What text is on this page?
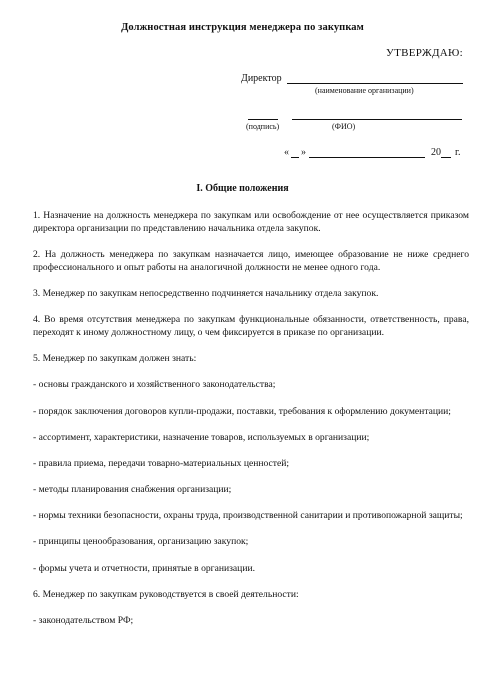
Должностная инструкция менеджера по закупкам
УТВЕРЖДАЮ:
Директор
(наименование организации)
(подпись)	(ФИО)
« »	20 г.
I. Общие положения

1. Назначение на должность менеджера по закупкам или освобождение от нее осуществляется приказом директора организации по представлению начальника отдела закупок.

2. На должность менеджера по закупкам назначается лицо, имеющее образование не ниже среднего профессионального и опыт работы на аналогичной должности не менее одного года.

3. Менеджер по закупкам непосредственно подчиняется начальнику отдела закупок.

4. Во время отсутствия менеджера по закупкам функциональные обязанности, ответственность, права, переходят к иному должностному лицу, о чем фиксируется в приказе по организации.

5. Менеджер по закупкам должен знать:

- основы гражданского и хозяйственного законодательства;

- порядок заключения договоров купли-продажи, поставки, требования к оформлению документации;

- ассортимент, характеристики, назначение товаров, используемых в организации;

- правила приема, передачи товарно-материальных ценностей;

- методы планирования снабжения организации;

- нормы техники безопасности, охраны труда, производственной санитарии и противопожарной защиты;

- принципы ценообразования, организацию закупок;

- формы учета и отчетности, принятые в организации.

6. Менеджер по закупкам руководствуется в своей деятельности:

- законодательством РФ;
